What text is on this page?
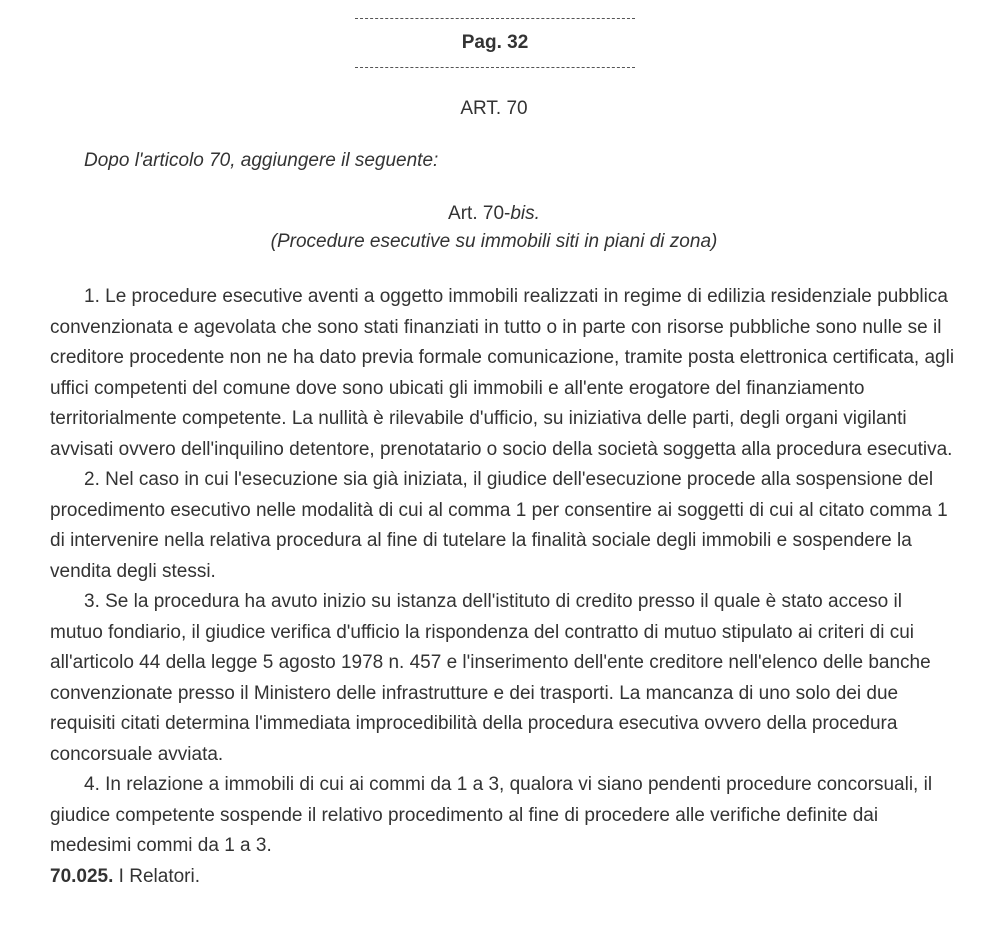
Pag. 32
ART. 70
Dopo l'articolo 70, aggiungere il seguente:
Art. 70-bis.
(Procedure esecutive su immobili siti in piani di zona)

1. Le procedure esecutive aventi a oggetto immobili realizzati in regime di edilizia residenziale pubblica convenzionata e agevolata che sono stati finanziati in tutto o in parte con risorse pubbliche sono nulle se il creditore procedente non ne ha dato previa formale comunicazione, tramite posta elettronica certificata, agli uffici competenti del comune dove sono ubicati gli immobili e all'ente erogatore del finanziamento territorialmente competente. La nullità è rilevabile d'ufficio, su iniziativa delle parti, degli organi vigilanti avvisati ovvero dell'inquilino detentore, prenotatario o socio della società soggetta alla procedura esecutiva.

2. Nel caso in cui l'esecuzione sia già iniziata, il giudice dell'esecuzione procede alla sospensione del procedimento esecutivo nelle modalità di cui al comma 1 per consentire ai soggetti di cui al citato comma 1 di intervenire nella relativa procedura al fine di tutelare la finalità sociale degli immobili e sospendere la vendita degli stessi.

3. Se la procedura ha avuto inizio su istanza dell'istituto di credito presso il quale è stato acceso il mutuo fondiario, il giudice verifica d'ufficio la rispondenza del contratto di mutuo stipulato ai criteri di cui all'articolo 44 della legge 5 agosto 1978 n. 457 e l'inserimento dell'ente creditore nell'elenco delle banche convenzionate presso il Ministero delle infrastrutture e dei trasporti. La mancanza di uno solo dei due requisiti citati determina l'immediata improcedibilità della procedura esecutiva ovvero della procedura concorsuale avviata.

4. In relazione a immobili di cui ai commi da 1 a 3, qualora vi siano pendenti procedure concorsuali, il giudice competente sospende il relativo procedimento al fine di procedere alle verifiche definite dai medesimi commi da 1 a 3.

70.025. I Relatori.
